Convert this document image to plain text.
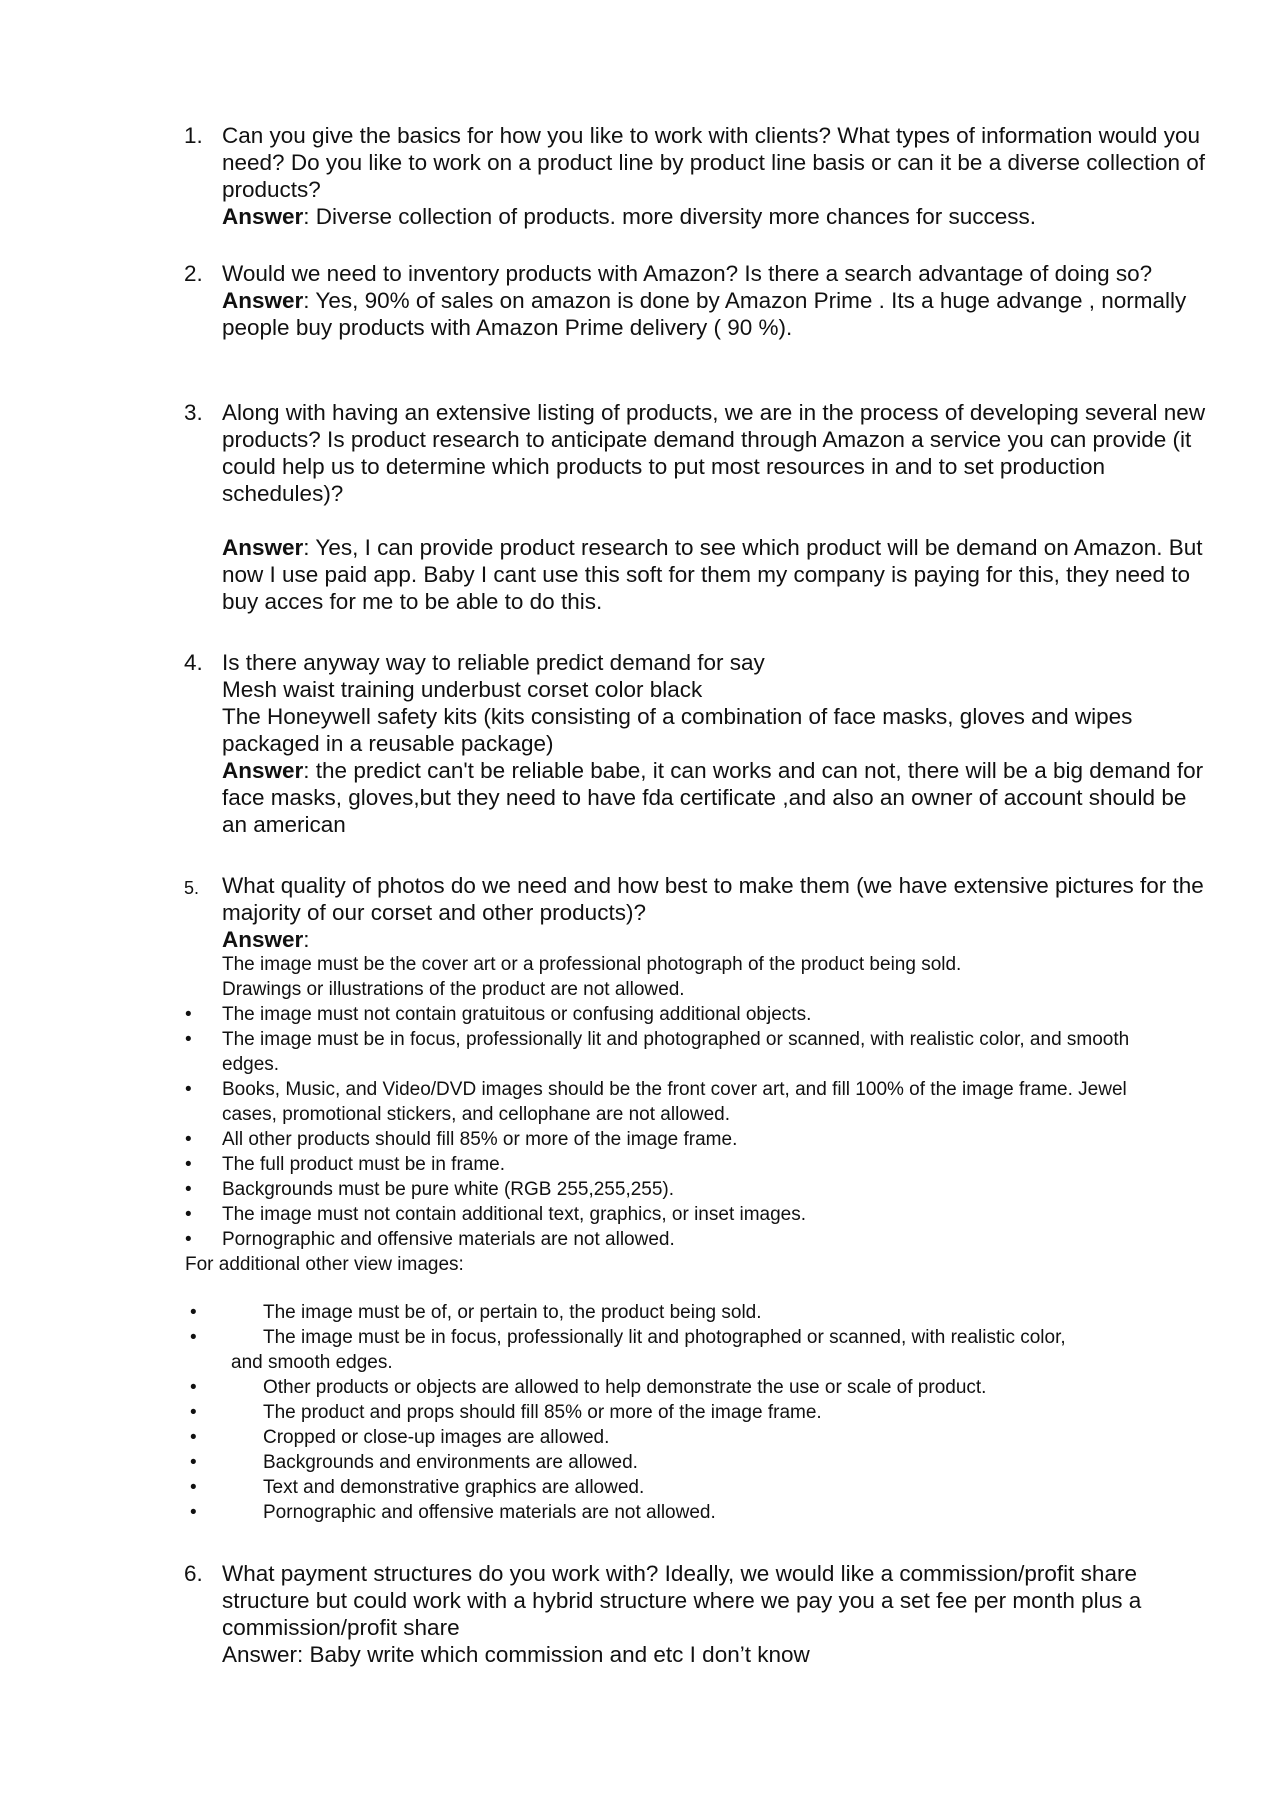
1. Can you give the basics for how you like to work with clients? What types of information would you need? Do you like to work on a product line by product line basis or can it be a diverse collection of products?

Answer: Diverse collection of products. more diversity more chances for success.

2. Would we need to inventory products with Amazon? Is there a search advantage of doing so?

Answer: Yes, 90% of sales on amazon is done by Amazon Prime . Its a huge advange , normally people buy products with Amazon Prime delivery ( 90 %).

3. Along with having an extensive listing of products, we are in the process of developing several new products? Is product research to anticipate demand through Amazon a service you can provide (it could help us to determine which products to put most resources in and to set production schedules)?

Answer: Yes, I can provide product research to see which product will be demand on Amazon. But now I use paid app. Baby I cant use this soft for them my company is paying for this, they need to buy acces for me to be able to do this.

4. Is there anyway way to reliable predict demand for say

Mesh waist training underbust corset color black

The Honeywell safety kits (kits consisting of a combination of face masks, gloves and wipes packaged in a reusable package)

Answer: the predict can't be reliable babe, it can works and can not, there will be a big demand for face masks, gloves,but they need to have fda certificate ,and also an owner of account should be an american

5. What quality of photos do we need and how best to make them (we have extensive pictures for the majority of our corset and other products)?

Answer:

The image must be the cover art or a professional photograph of the product being sold.
Drawings or illustrations of the product are not allowed.
• The image must not contain gratuitous or confusing additional objects.
• The image must be in focus, professionally lit and photographed or scanned, with realistic color, and smooth edges.
• Books, Music, and Video/DVD images should be the front cover art, and fill 100% of the image frame. Jewel cases, promotional stickers, and cellophane are not allowed.
• All other products should fill 85% or more of the image frame.
• The full product must be in frame.
• Backgrounds must be pure white (RGB 255,255,255).
• The image must not contain additional text, graphics, or inset images.
• Pornographic and offensive materials are not allowed.
For additional other view images:
•	The image must be of, or pertain to, the product being sold.
•	The image must be in focus, professionally lit and photographed or scanned, with realistic color,
and smooth edges.
•	Other products or objects are allowed to help demonstrate the use or scale of product.
•	The product and props should fill 85% or more of the image frame.
•	Cropped or close-up images are allowed.
•	Backgrounds and environments are allowed.
•	Text and demonstrative graphics are allowed.
•	Pornographic and offensive materials are not allowed.
6. What payment structures do you work with? Ideally, we would like a commission/profit share structure but could work with a hybrid structure where we pay you a set fee per month plus a commission/profit share

Answer: Baby write which commission and etc I don’t know
